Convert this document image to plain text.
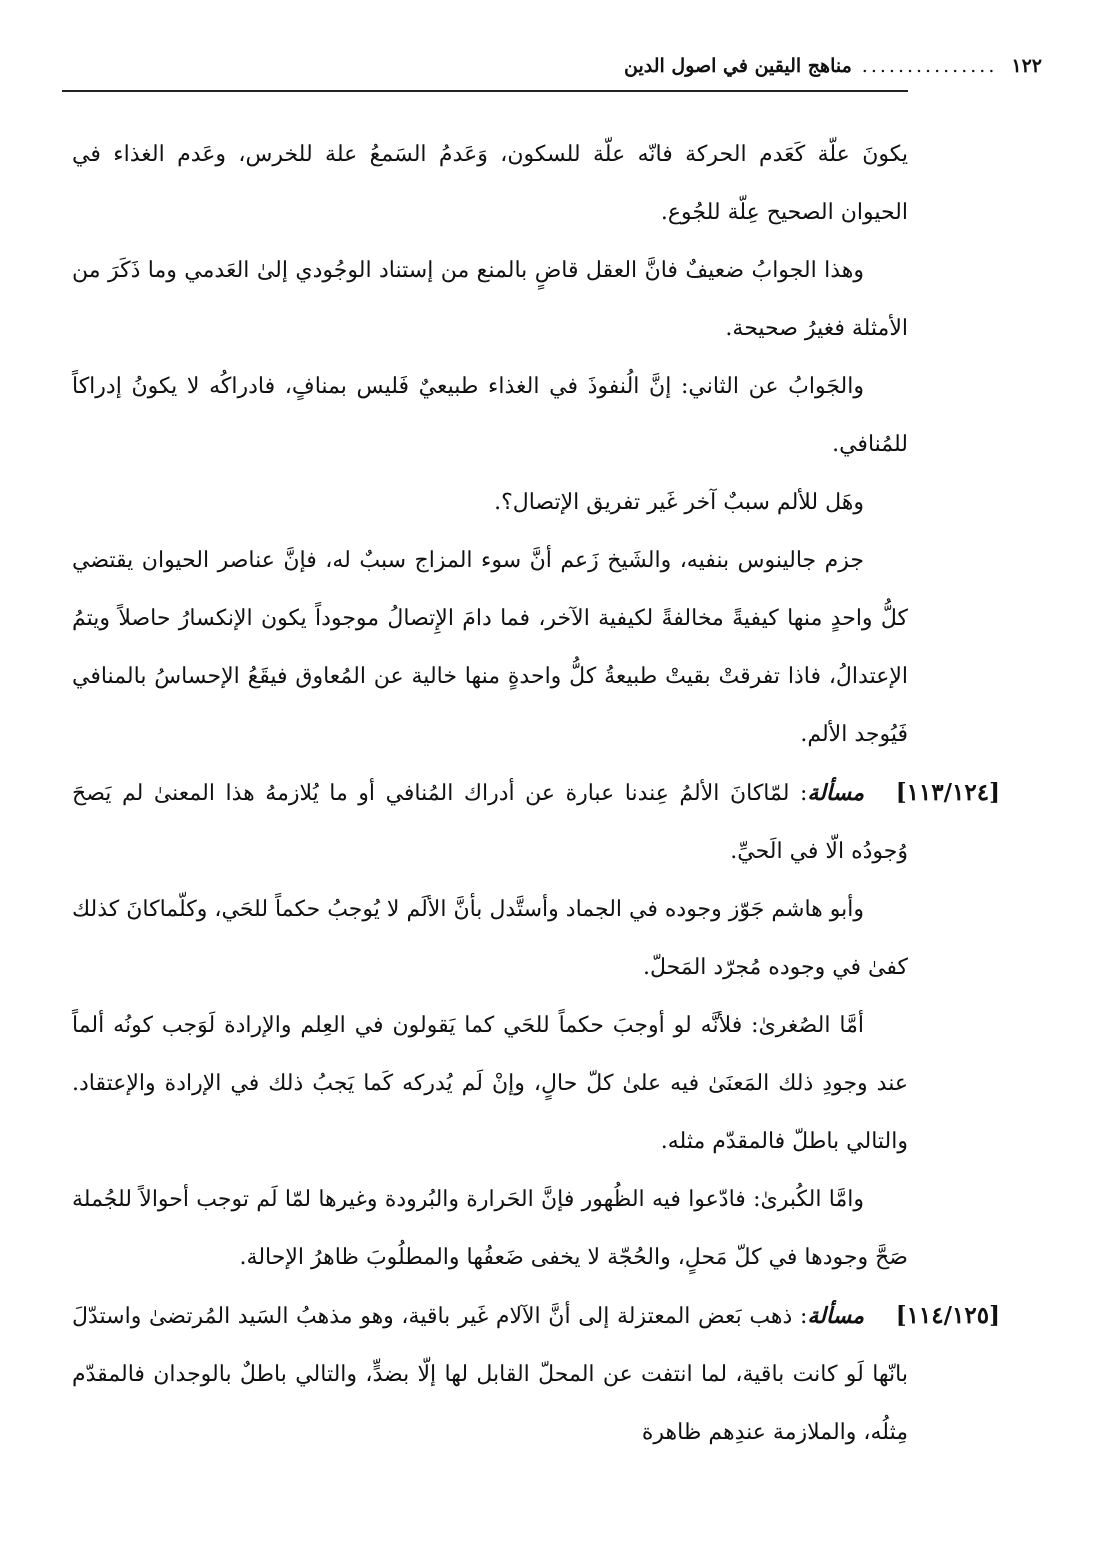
١٢٢
...............
مناهج اليقين في اصول الدين

يكونَ علّة كَعَدم الحركة فانّه علّة للسكون، وَعَدمُ السَمعُ علة للخرس، وعَدم الغذاء في الحيوان الصحيح عِلّة للجُوع.

وهذا الجوابُ ضعيفٌ فانَّ العقل قاضٍ بالمنع من إستناد الوجُودي إلىٰ العَدمي وما ذَكَرَ من الأمثلة فغيرُ صحيحة.

والجَوابُ عن الثاني: إنَّ الُنفوذَ في الغذاء طبيعيٌ فَليس بمنافٍ، فادراكُه لا يكونُ إدراكاً للمُنافي.

وهَل للألم سببٌ آخر غَير تفريق الإتصال؟.

جزم جالينوس بنفيه، والشَيخ زَعم أنَّ سوء المزاج سببٌ له، فإنَّ عناصر الحيوان يقتضي كلُّ واحدٍ منها كيفيةً مخالفةً لكيفية الآخر، فما دامَ الإِتصالُ موجوداً يكون الإنكسارُ حاصلاً ويتمُ الإعتدالُ، فاذا تفرقتْ بقيتْ طبيعةُ كلُّ واحدةٍ منها خالية عن المُعاوق فيقَعُ الإحساسُ بالمنافي فَيُوجد الألم.

[١١٣/١٢٤]
مسألة: لمّاكانَ الألمُ عِندنا عبارة عن أدراك المُنافي أو ما يُلازمهُ هذا المعنىٰ لم يَصحَ وُجودُه الّا في الَحيِّ.

وأبو هاشم جَوّز وجوده في الجماد وأستَّدل بأنَّ الألَم لا يُوجبُ حكماً للحَي، وكلّماكانَ كذلك كفىٰ في وجوده مُجرّد المَحلّ.

أمَّا الصُغرىٰ: فلأنَّه لو أوجبَ حكماً للحَي كما يَقولون في العِلم والإرادة لَوَجب كونُه ألماً عند وجودِ ذلك المَعنَىٰ فيه علىٰ كلّ حالٍ، وإنْ لَم يُدركه كَما يَجبُ ذلك في الإرادة والإعتقاد. والتالي باطلّ فالمقدّم مثله.

وامَّا الكُبرىٰ: فادّعوا فيه الظُهور فإنَّ الحَرارة والبُرودة وغيرها لمّا لَم توجب أحوالاً للجُملة صَحَّ وجودها في كلّ مَحلٍ، والحُجّة لا يخفى ضَعفُها والمطلُوبَ ظاهرُ الإحالة.

[١١٤/١٢٥]
مسألة: ذهب بَعض المعتزلة إلى أنَّ الآلام غَير باقية، وهو مذهبُ السَيد المُرتضىٰ واستدّلَ بانّها لَو كانت باقية، لما انتفت عن المحلّ القابل لها إلّا بضدٍّ، والتالي باطلٌ بالوجدان فالمقدّم مِثلُه، والملازمة عندِهم ظاهرة
